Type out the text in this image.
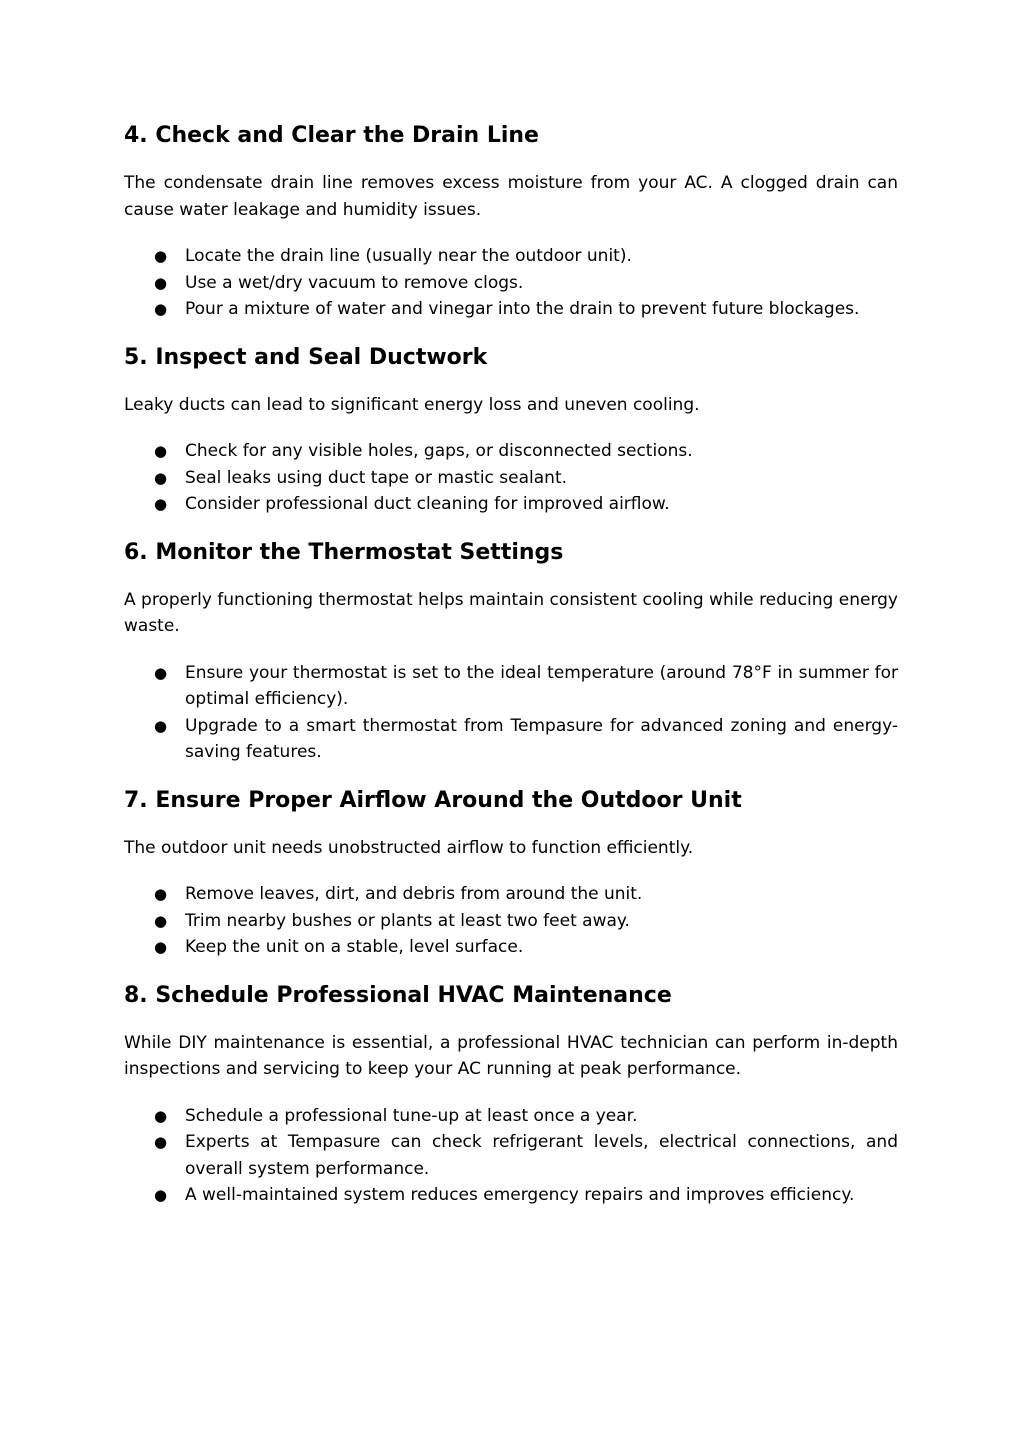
4. Check and Clear the Drain Line

The condensate drain line removes excess moisture from your AC. A clogged drain can cause water leakage and humidity issues.

● Locate the drain line (usually near the outdoor unit).
● Use a wet/dry vacuum to remove clogs.
● Pour a mixture of water and vinegar into the drain to prevent future blockages.
5. Inspect and Seal Ductwork

Leaky ducts can lead to significant energy loss and uneven cooling.

● Check for any visible holes, gaps, or disconnected sections.
● Seal leaks using duct tape or mastic sealant.
● Consider professional duct cleaning for improved airflow.
6. Monitor the Thermostat Settings

A properly functioning thermostat helps maintain consistent cooling while reducing energy waste.

● Ensure your thermostat is set to the ideal temperature (around 78°F in summer for optimal efficiency).
● Upgrade to a smart thermostat from Tempasure for advanced zoning and energy-saving features.
7. Ensure Proper Airflow Around the Outdoor Unit

The outdoor unit needs unobstructed airflow to function efficiently.

● Remove leaves, dirt, and debris from around the unit.
● Trim nearby bushes or plants at least two feet away.
● Keep the unit on a stable, level surface.
8. Schedule Professional HVAC Maintenance

While DIY maintenance is essential, a professional HVAC technician can perform in-depth inspections and servicing to keep your AC running at peak performance.

● Schedule a professional tune-up at least once a year.
● Experts at Tempasure can check refrigerant levels, electrical connections, and overall system performance.
● A well-maintained system reduces emergency repairs and improves efficiency.
